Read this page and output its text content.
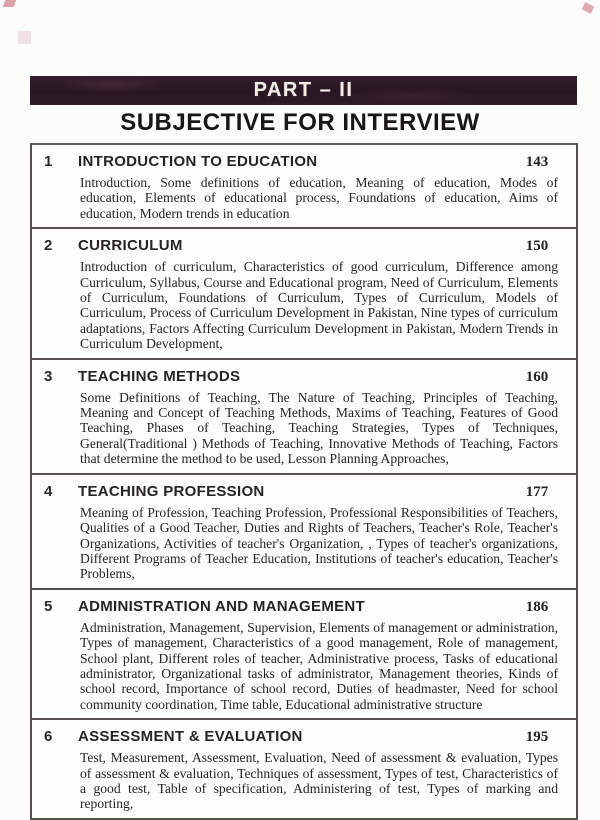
PART – II
SUBJECTIVE FOR INTERVIEW
1	INTRODUCTION TO EDUCATION	143
Introduction, Some definitions of education, Meaning of education, Modes of education, Elements of educational process, Foundations of education, Aims of education, Modern trends in education
2	CURRICULUM	150
Introduction of curriculum, Characteristics of good curriculum, Difference among Curriculum, Syllabus, Course and Educational program, Need of Curriculum, Elements of Curriculum, Foundations of Curriculum, Types of Curriculum, Models of Curriculum, Process of Curriculum Development in Pakistan, Nine types of curriculum adaptations, Factors Affecting Curriculum Development in Pakistan, Modern Trends in Curriculum Development,
3	TEACHING METHODS	160
Some Definitions of Teaching, The Nature of Teaching, Principles of Teaching, Meaning and Concept of Teaching Methods, Maxims of Teaching, Features of Good Teaching, Phases of Teaching, Teaching Strategies, Types of Techniques, General(Traditional ) Methods of Teaching, Innovative Methods of Teaching, Factors that determine the method to be used, Lesson Planning Approaches,
4	TEACHING PROFESSION	177
Meaning of Profession, Teaching Profession, Professional Responsibilities of Teachers, Qualities of a Good Teacher, Duties and Rights of Teachers, Teacher's Role, Teacher's Organizations, Activities of teacher's Organization, , Types of teacher's organizations, Different Programs of Teacher Education, Institutions of teacher's education, Teacher's Problems,
5	ADMINISTRATION AND MANAGEMENT	186
Administration, Management, Supervision, Elements of management or administration, Types of management, Characteristics of a good management, Role of management, School plant, Different roles of teacher, Administrative process, Tasks of educational administrator, Organizational tasks of administrator, Management theories, Kinds of school record, Importance of school record, Duties of headmaster, Need for school community coordination, Time table, Educational administrative structure
6	ASSESSMENT & EVALUATION	195
Test, Measurement, Assessment, Evaluation, Need of assessment & evaluation, Types of assessment & evaluation, Techniques of assessment, Types of test, Characteristics of a good test, Table of specification, Administering of test, Types of marking and reporting,
